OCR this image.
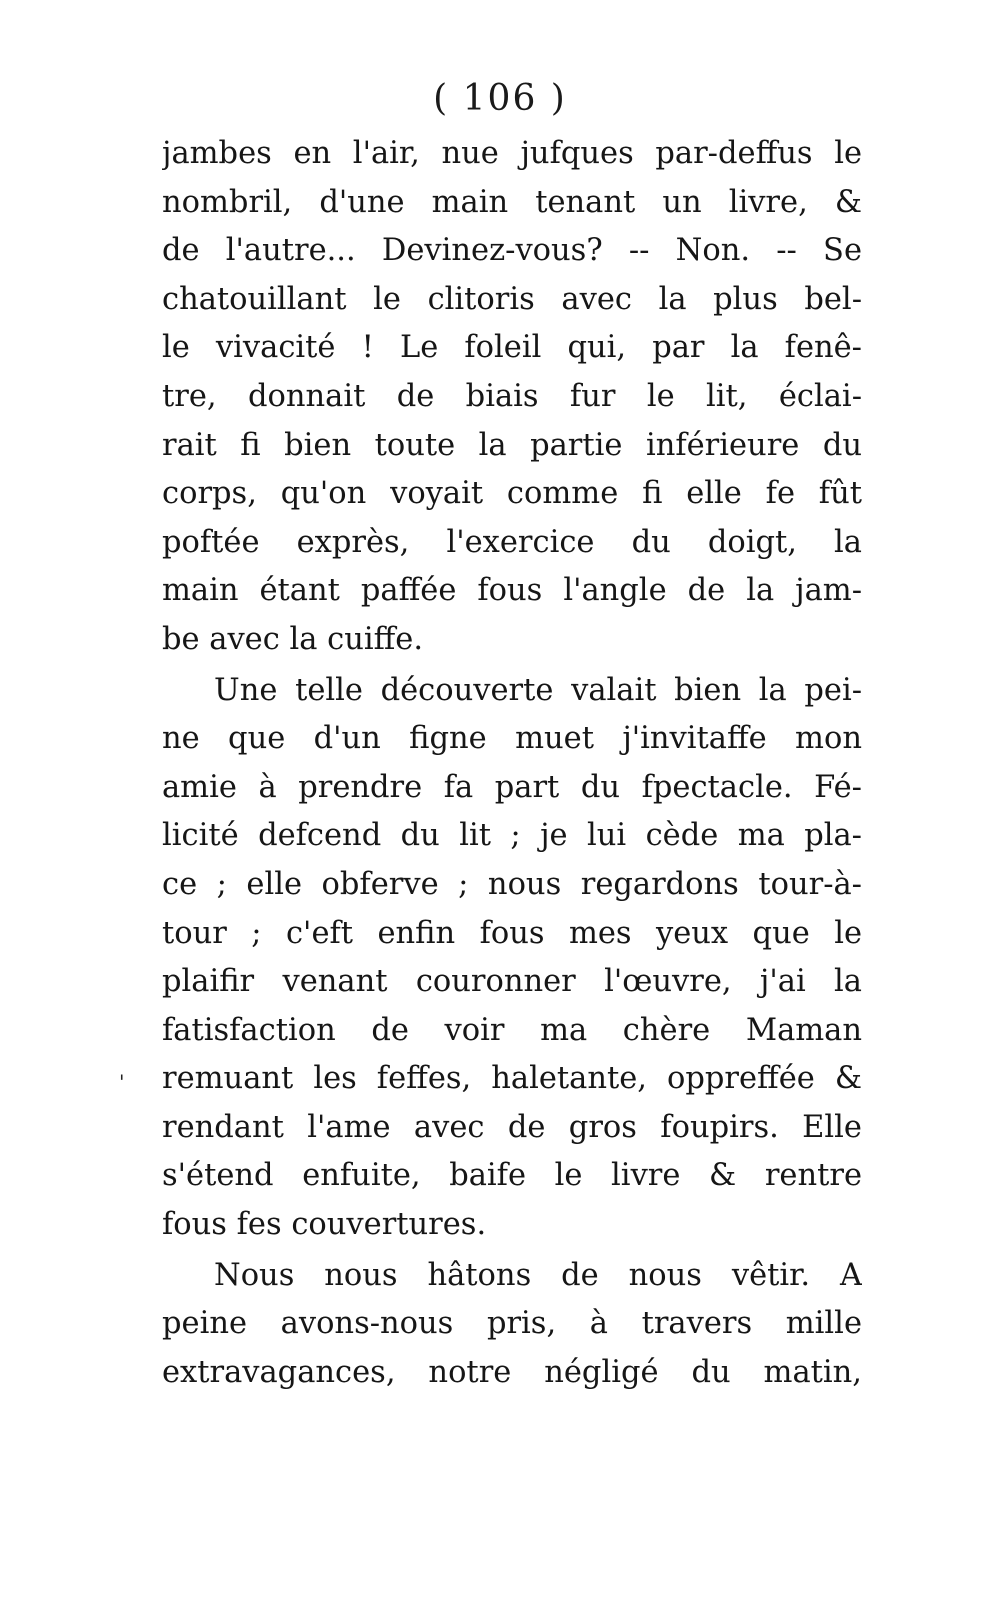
( 106 )
jambes en l'air, nue jufques par-deffus le
nombril, d'une main tenant un livre, &
de l'autre... Devinez-vous? -- Non. -- Se
chatouillant le clitoris avec la plus bel-
le vivacité ! Le foleil qui, par la fenê-
tre, donnait de biais fur le lit, éclai-
rait fi bien toute la partie inférieure du
corps, qu'on voyait comme fi elle fe fût
poftée exprès, l'exercice du doigt, la
main étant paffée fous l'angle de la jam-
be avec la cuiffe.
Une telle découverte valait bien la pei-
ne que d'un figne muet j'invitaffe mon
amie à prendre fa part du fpectacle. Fé-
licité defcend du lit ; je lui cède ma pla-
ce ; elle obferve ; nous regardons tour-à-
tour ; c'eft enfin fous mes yeux que le
plaifir venant couronner l'œuvre, j'ai la
fatisfaction de voir ma chère Maman
remuant les feffes, haletante, oppreffée &
rendant l'ame avec de gros foupirs. Elle
s'étend enfuite, baife le livre & rentre
fous fes couvertures.
Nous nous hâtons de nous vêtir. A
peine avons-nous pris, à travers mille
extravagances, notre négligé du matin,
'
